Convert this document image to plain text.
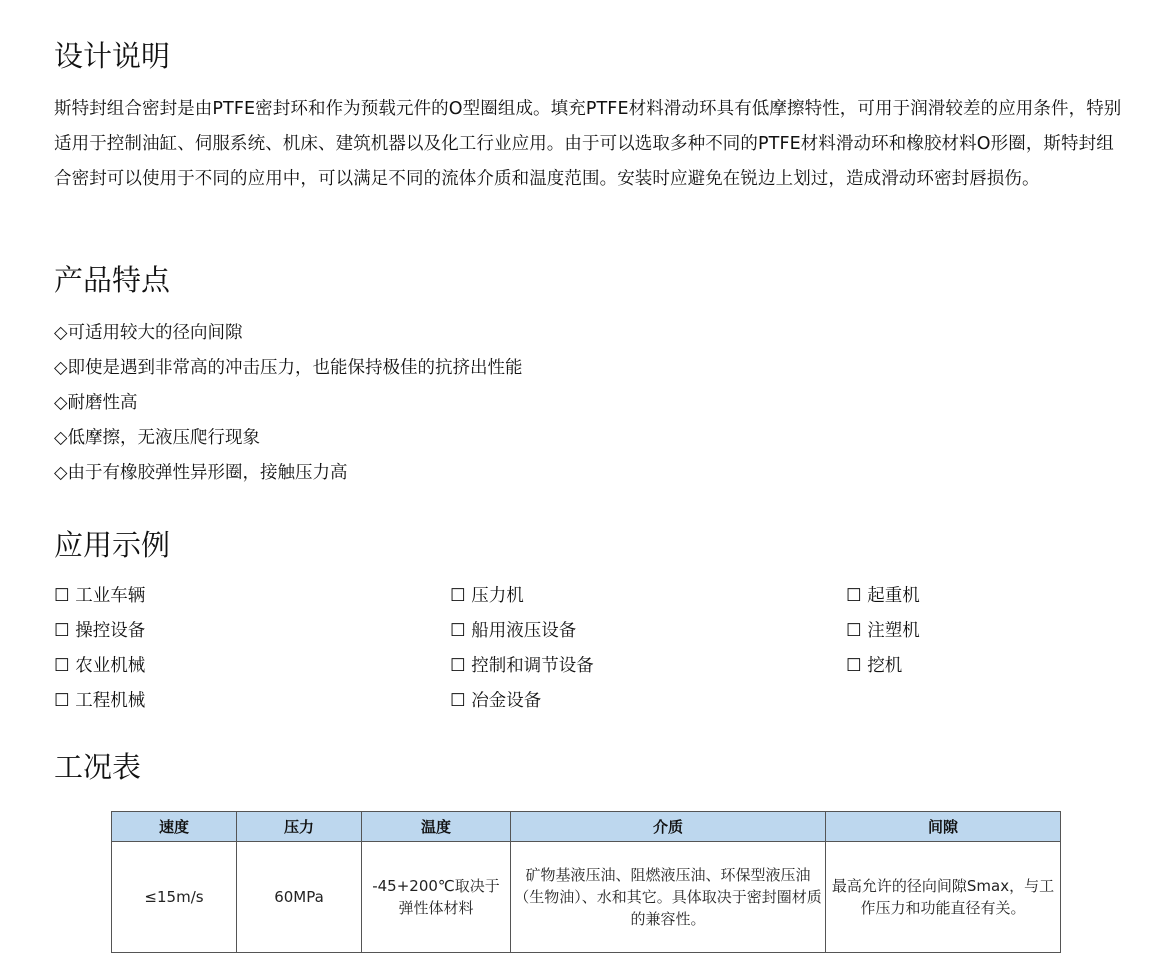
设计说明

斯特封组合密封是由PTFE密封环和作为预载元件的O型圈组成。填充PTFE材料滑动环具有低摩擦特性，可用于润滑较差的应用条件，特别适用于控制油缸、伺服系统、机床、建筑机器以及化工行业应用。由于可以选取多种不同的PTFE材料滑动环和橡胶材料O形圈，斯特封组合密封可以使用于不同的应用中，可以满足不同的流体介质和温度范围。安装时应避免在锐边上划过，造成滑动环密封唇损伤。

产品特点
◇可适用较大的径向间隙
◇即使是遇到非常高的冲击压力，也能保持极佳的抗挤出性能
◇耐磨性高
◇低摩擦，无液压爬行现象
◇由于有橡胶弹性异形圈，接触压力高
应用示例
☐ 工业车辆	☐ 压力机	☐ 起重机
☐ 操控设备	☐ 船用液压设备	☐ 注塑机
☐ 农业机械	☐ 控制和调节设备	☐ 挖机
☐ 工程机械	☐ 冶金设备
工况表
速度	压力	温度	介质	间隙
≤15m/s	60MPa	-45+200℃取决于弹性体材料	矿物基液压油、阻燃液压油、环保型液压油（生物油）、水和其它。具体取决于密封圈材质的兼容性。	最高允许的径向间隙Smax，与工作压力和功能直径有关。
